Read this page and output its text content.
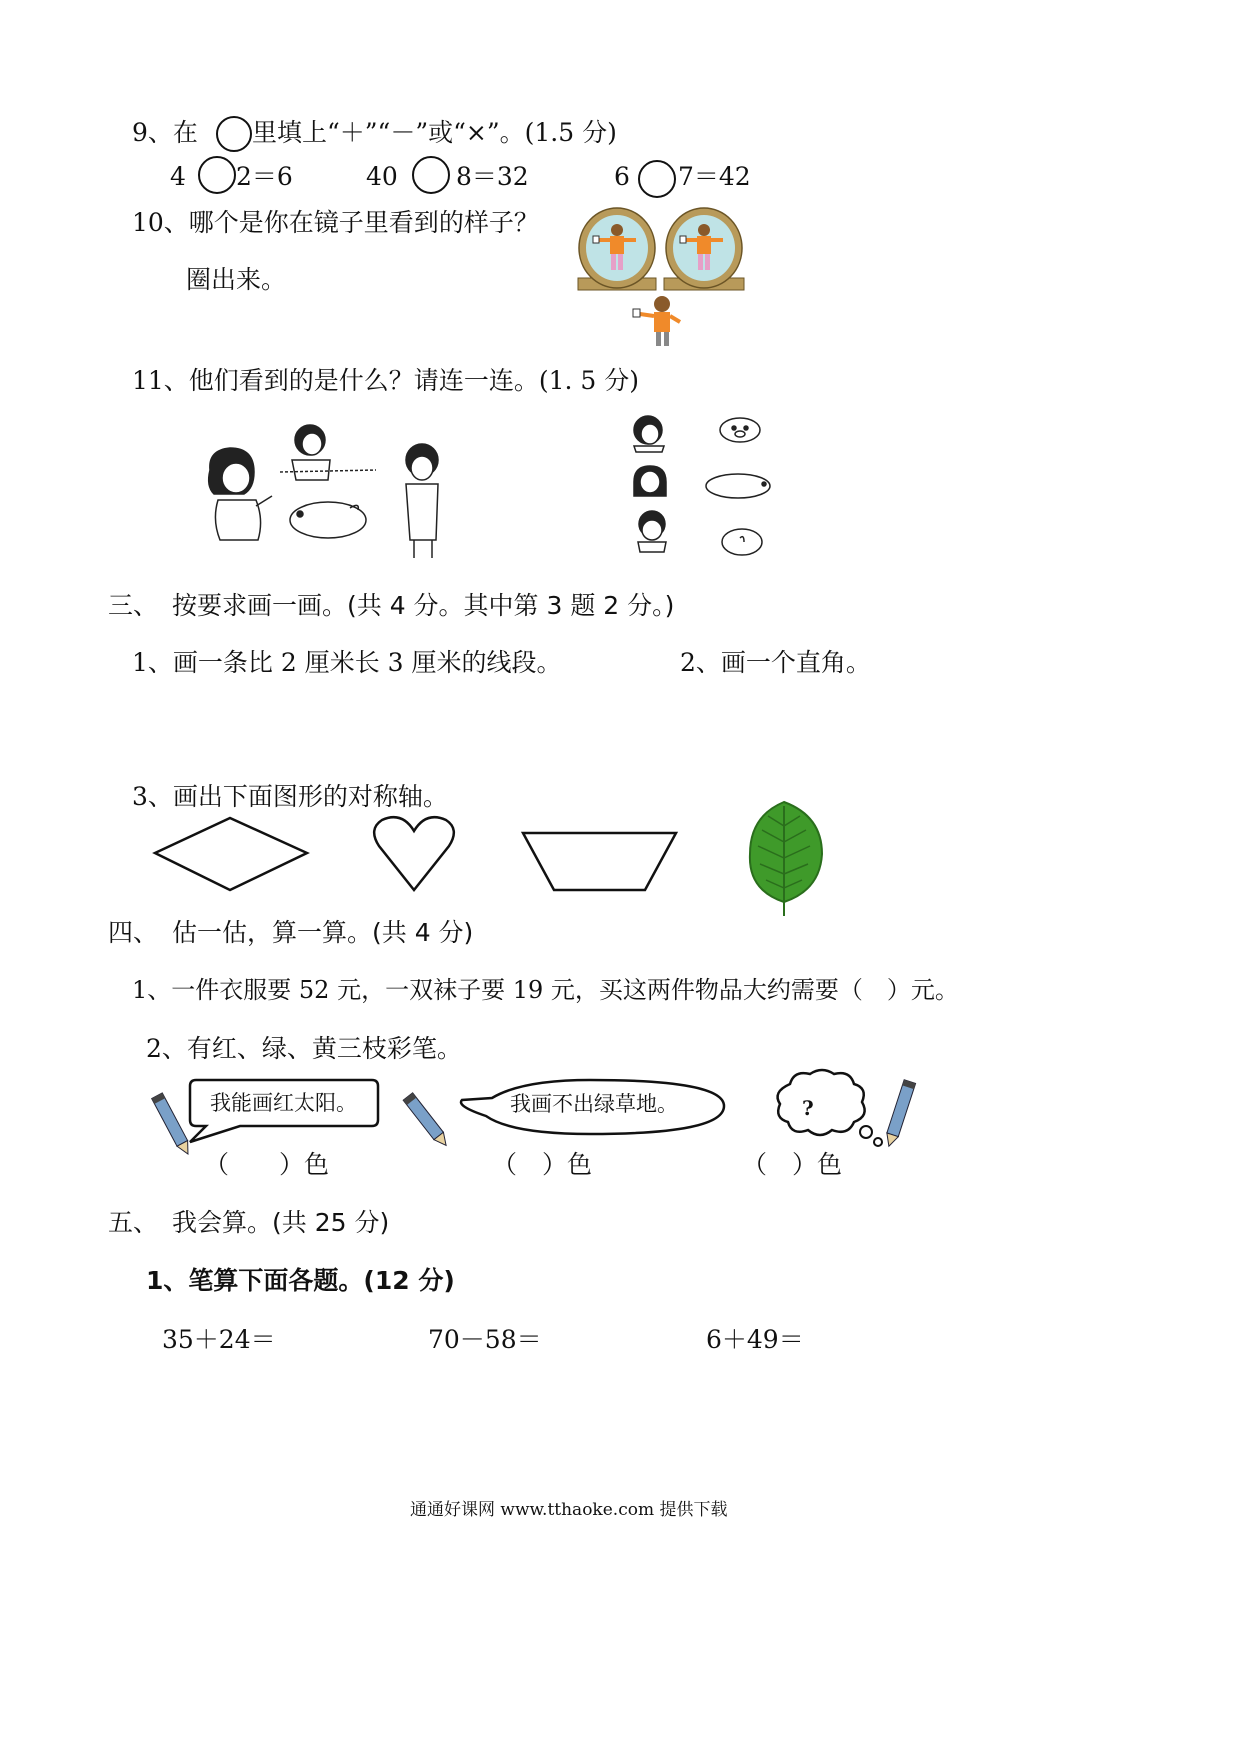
9、在 里填上“＋”“－”或“×”。(1.5 分)
4 2＝6	40 8＝32	6 7＝42
10、哪个是你在镜子里看到的样子？
圈出来。
11、他们看到的是什么？请连一连。(1. 5 分)
三、 按要求画一画。(共 4 分。其中第 3 题 2 分。)
1、画一条比 2 厘米长 3 厘米的线段。	2、画一个直角。
3、画出下面图形的对称轴。
四、 估一估，算一算。(共 4 分)
1、一件衣服要 52 元，一双袜子要 19 元，买这两件物品大约需要（　）元。
2、有红、绿、黄三枝彩笔。
我能画红太阳。	我画不出绿草地。	?
（　　）色	（　）色	（　）色
五、 我会算。(共 25 分)
1、笔算下面各题。(12 分)
35＋24＝	70－58＝	6＋49＝
通通好课网 www.tthaoke.com 提供下载
